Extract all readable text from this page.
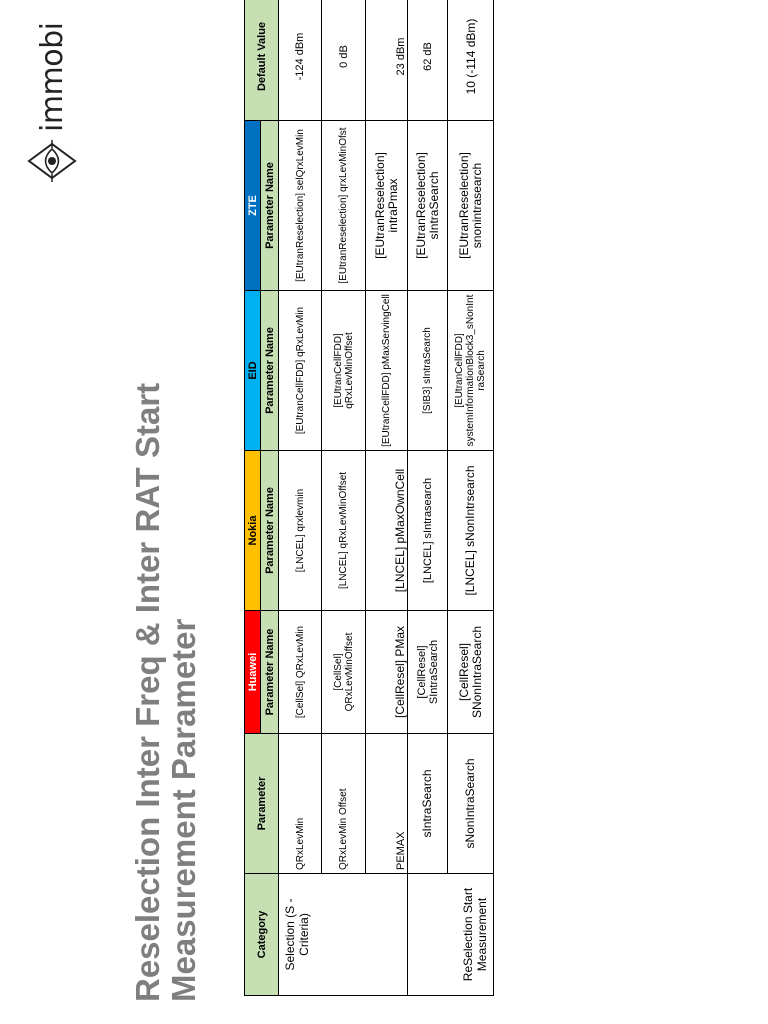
Reselection Inter Freq & Inter RAT Start Measurement Parameter
immobi
Category	Parameter	Huawei	Nokia	EID	ZTE	Default Value
		Parameter Name	Parameter Name	Parameter Name	Parameter Name	
Selection (S - Criteria)	QRxLevMin	[CellSel] QRxLevMin	[LNCEL] qrxlevmin	[EUtranCellFDD] qRxLevMin	[EUtranReselection] selQrxLevMin	-124 dBm
	QRxLevMin Offset	[CellSel] QRxLevMinOffset	[LNCEL] qRxLevMinOffset	[EUtranCellFDD] qRxLevMinOffset	[EUtranReselection] qrxLevMinOfst	0 dB
	PEMAX	[CellResel] PMax	[LNCEL] pMaxOwnCell	[EUtranCellFDD] pMaxServingCell	[EUtranReselection] intraPmax	23 dBm
ReSelection Start Measurement	sIntraSearch	[CellResel] SIntraSearch	[LNCEL] sIntrasearch	[SIB3] sIntraSearch	[EUtranReselection] sIntraSearch	62 dB
	sNonIntraSearch	[CellResel] SNonIntraSearch	[LNCEL] sNonIntrsearch	[EUtranCellFDD] systemInformationBlock3_sNonIntraSearch	[EUtranReselection] snonintrasearch	10 (-114 dBm)
